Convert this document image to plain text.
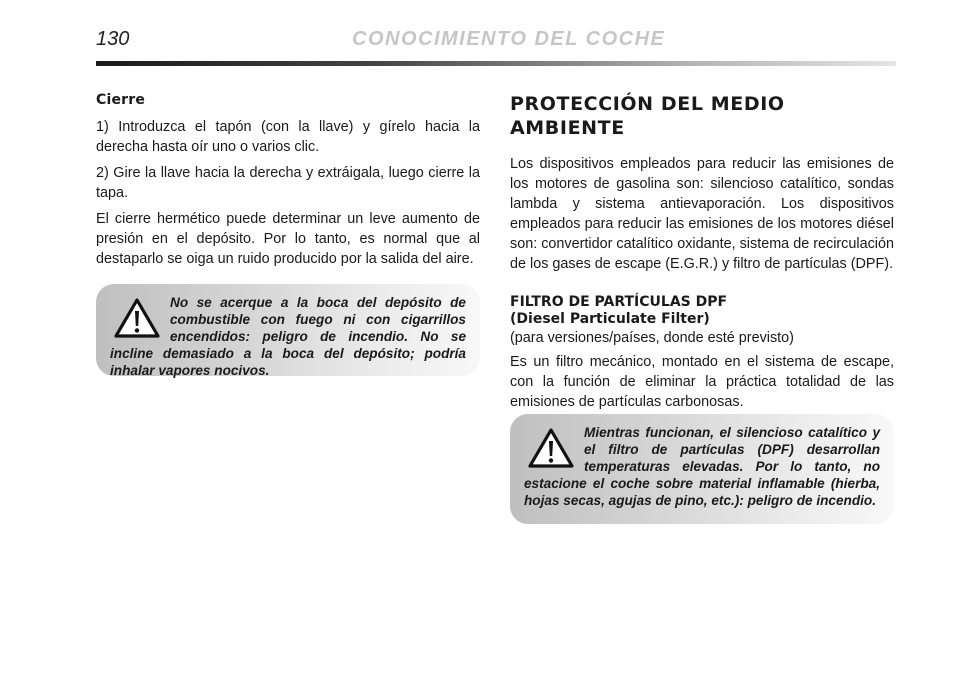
130	CONOCIMIENTO DEL COCHE
Cierre

1) Introduzca el tapón (con la llave) y gírelo hacia la derecha hasta oír uno o varios clic.

2) Gire la llave hacia la derecha y extráigala, luego cierre la tapa.

El cierre hermético puede determinar un leve aumento de presión en el depósito. Por lo tanto, es normal que al destaparlo se oiga un ruido producido por la salida del aire.

No se acerque a la boca del depósito de combustible con fuego ni con cigarrillos encendidos: peligro de incendio. No se incline demasiado a la boca del depósito; podría inhalar vapores nocivos.

PROTECCIÓN DEL MEDIO AMBIENTE

Los dispositivos empleados para reducir las emisiones de los motores de gasolina son: silencioso catalítico, sondas lambda y sistema antievaporación. Los dispositivos empleados para reducir las emisiones de los motores diésel son: convertidor catalítico oxidante, sistema de recirculación de los gases de escape (E.G.R.) y filtro de partículas (DPF).

FILTRO DE PARTÍCULAS DPF
(Diesel Particulate Filter)

(para versiones/países, donde esté previsto)

Es un filtro mecánico, montado en el sistema de escape, con la función de eliminar la práctica totalidad de las emisiones de partículas carbonosas.

Mientras funcionan, el silencioso catalítico y el filtro de partículas (DPF) desarrollan temperaturas elevadas. Por lo tanto, no estacione el coche sobre material inflamable (hierba, hojas secas, agujas de pino, etc.): peligro de incendio.
